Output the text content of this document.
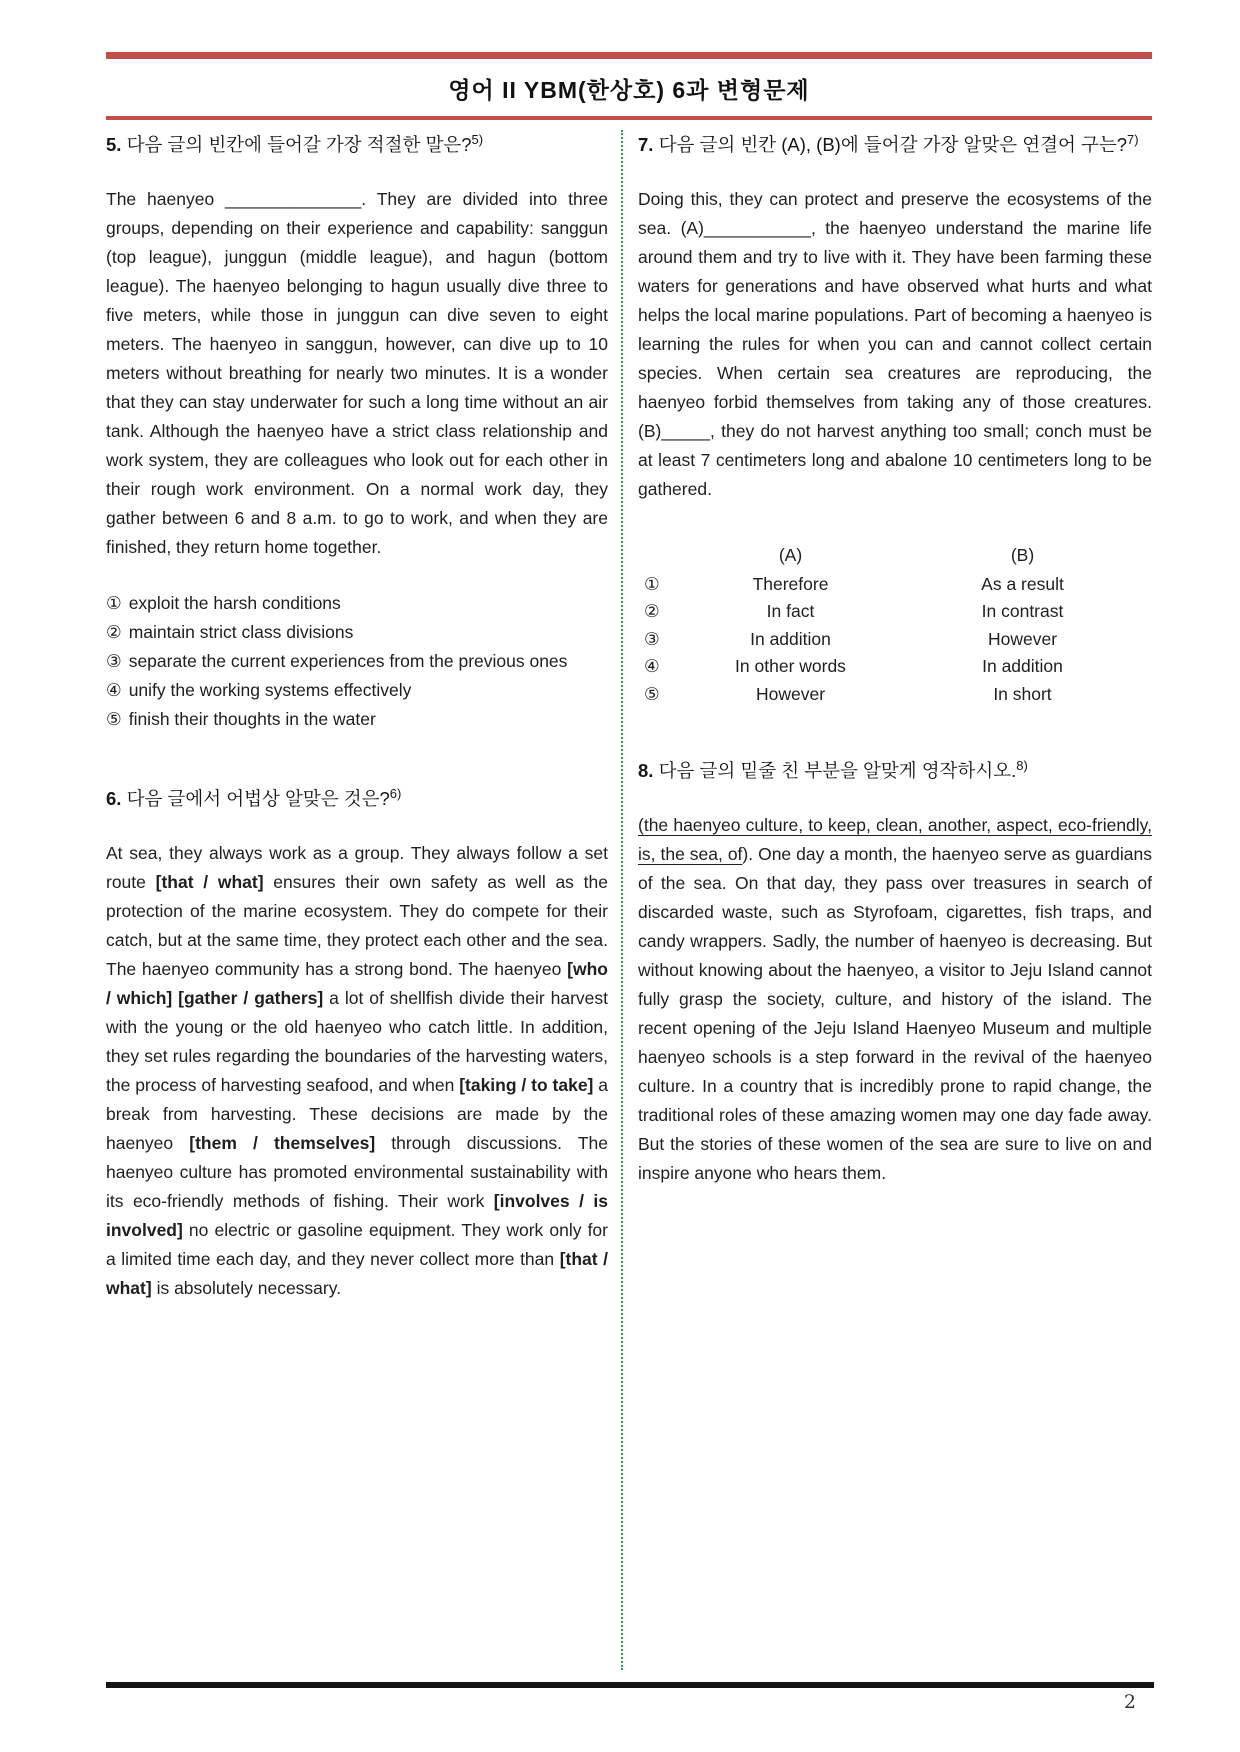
영어 II YBM(한상호) 6과 변형문제
5. 다음 글의 빈칸에 들어갈 가장 적절한 말은?$^{5)}$
The haenyeo ______________. They are divided into three groups, depending on their experience and capability: sanggun (top league), junggun (middle league), and hagun (bottom league). The haenyeo belonging to hagun usually dive three to five meters, while those in junggun can dive seven to eight meters. The haenyeo in sanggun, however, can dive up to 10 meters without breathing for nearly two minutes. It is a wonder that they can stay underwater for such a long time without an air tank. Although the haenyeo have a strict class relationship and work system, they are colleagues who look out for each other in their rough work environment. On a normal work day, they gather between 6 and 8 a.m. to go to work, and when they are finished, they return home together.
① exploit the harsh conditions
② maintain strict class divisions
③ separate the current experiences from the previous ones
④ unify the working systems effectively
⑤ finish their thoughts in the water
6. 다음 글에서 어법상 알맞은 것은?$^{6)}$
At sea, they always work as a group. They always follow a set route [that / what] ensures their own safety as well as the protection of the marine ecosystem. They do compete for their catch, but at the same time, they protect each other and the sea. The haenyeo community has a strong bond. The haenyeo [who / which] [gather / gathers] a lot of shellfish divide their harvest with the young or the old haenyeo who catch little. In addition, they set rules regarding the boundaries of the harvesting waters, the process of harvesting seafood, and when [taking / to take] a break from harvesting. These decisions are made by the haenyeo [them / themselves] through discussions. The haenyeo culture has promoted environmental sustainability with its eco-friendly methods of fishing. Their work [involves / is involved] no electric or gasoline equipment. They work only for a limited time each day, and they never collect more than [that / what] is absolutely necessary.
7. 다음 글의 빈칸 (A), (B)에 들어갈 가장 알맞은 연결어 구는?$^{7)}$
Doing this, they can protect and preserve the ecosystems of the sea. (A)___________, the haenyeo understand the marine life around them and try to live with it. They have been farming these waters for generations and have observed what hurts and what helps the local marine populations. Part of becoming a haenyeo is learning the rules for when you can and cannot collect certain species. When certain sea creatures are reproducing, the haenyeo forbid themselves from taking any of those creatures. (B)_____, they do not harvest anything too small; conch must be at least 7 centimeters long and abalone 10 centimeters long to be gathered.
(A)	(B)
①	Therefore	As a result
②	In fact	In contrast
③	In addition	However
④	In other words	In addition
⑤	However	In short
8. 다음 글의 밑줄 친 부분을 알맞게 영작하시오.$^{8)}$
(the haenyeo culture, to keep, clean, another, aspect, eco-friendly, is, the sea, of). One day a month, the haenyeo serve as guardians of the sea. On that day, they pass over treasures in search of discarded waste, such as Styrofoam, cigarettes, fish traps, and candy wrappers. Sadly, the number of haenyeo is decreasing. But without knowing about the haenyeo, a visitor to Jeju Island cannot fully grasp the society, culture, and history of the island. The recent opening of the Jeju Island Haenyeo Museum and multiple haenyeo schools is a step forward in the revival of the haenyeo culture. In a country that is incredibly prone to rapid change, the traditional roles of these amazing women may one day fade away. But the stories of these women of the sea are sure to live on and inspire anyone who hears them.
2
